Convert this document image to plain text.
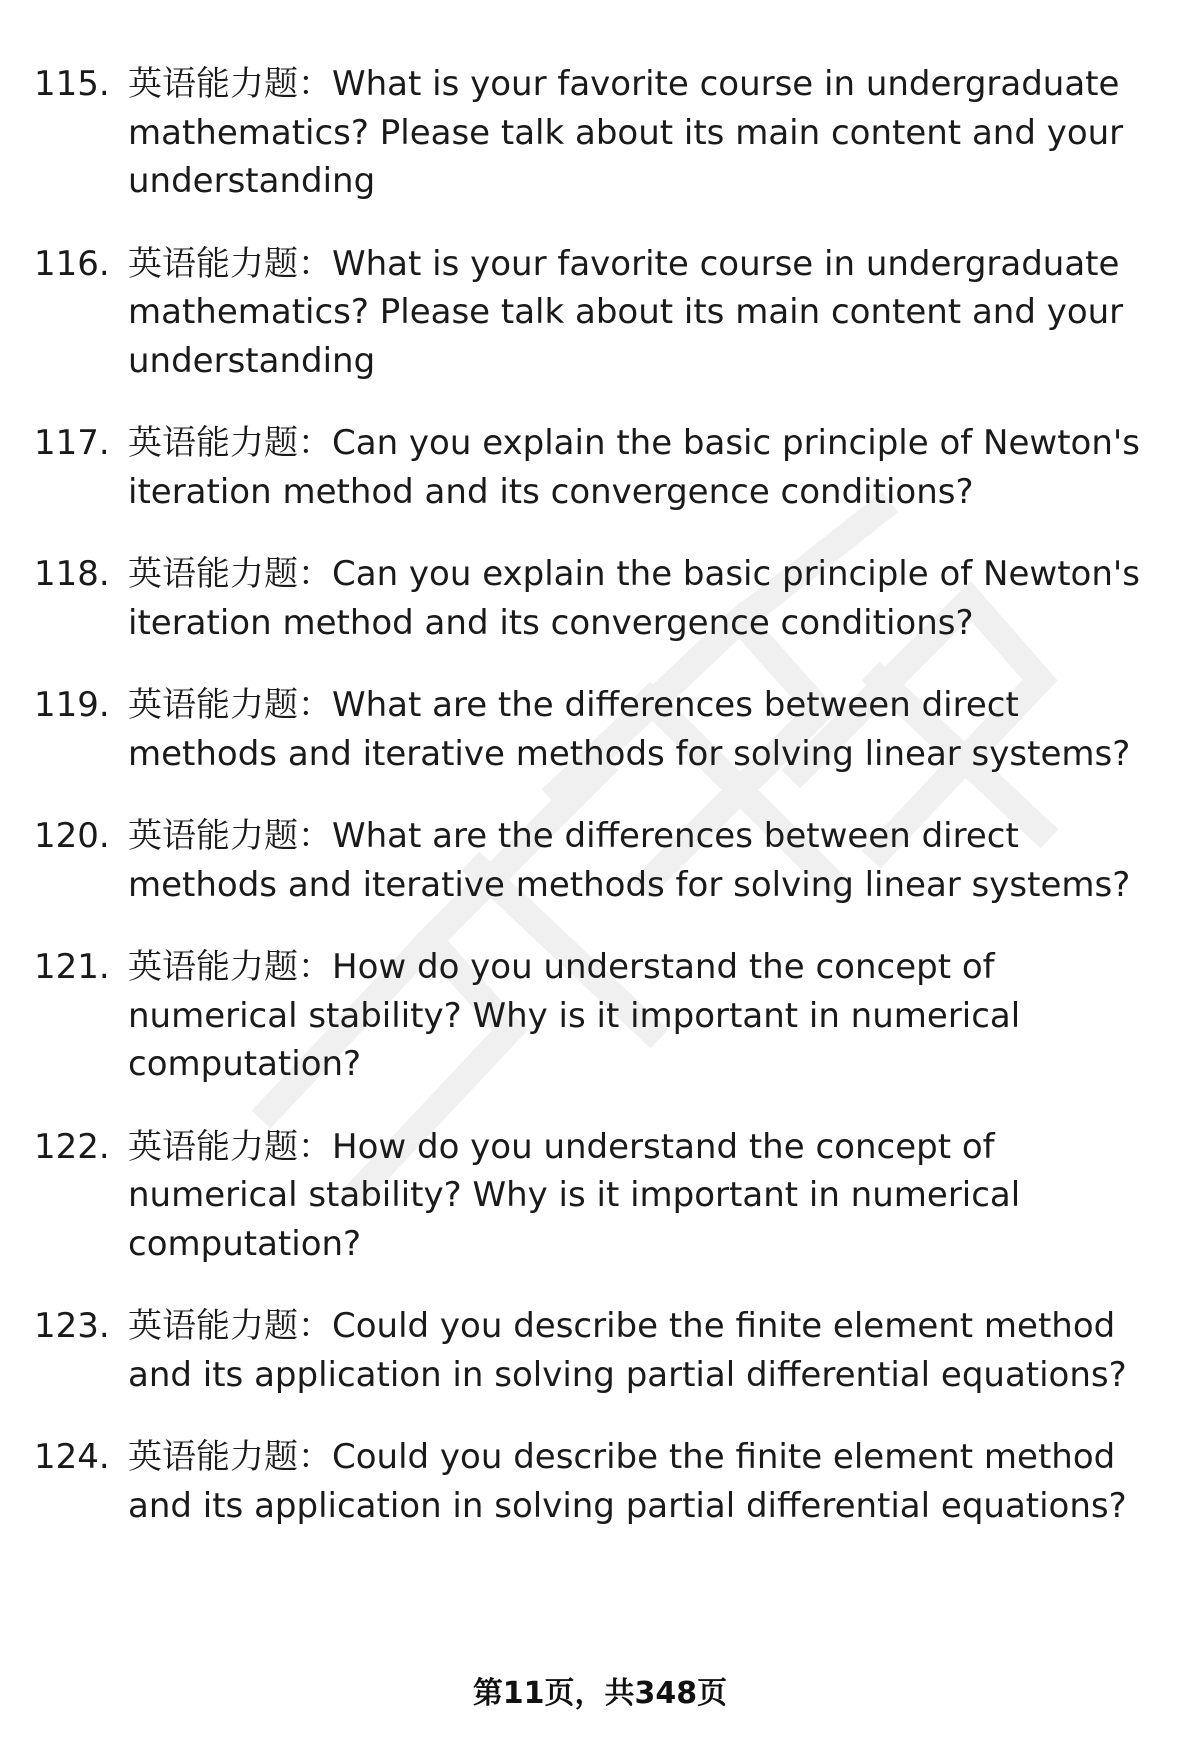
115. 英语能力题：What is your favorite course in undergraduate mathematics? Please talk about its main content and your understanding
116. 英语能力题：What is your favorite course in undergraduate mathematics? Please talk about its main content and your understanding
117. 英语能力题：Can you explain the basic principle of Newton's iteration method and its convergence conditions?
118. 英语能力题：Can you explain the basic principle of Newton's iteration method and its convergence conditions?
119. 英语能力题：What are the differences between direct methods and iterative methods for solving linear systems?
120. 英语能力题：What are the differences between direct methods and iterative methods for solving linear systems?
121. 英语能力题：How do you understand the concept of numerical stability? Why is it important in numerical computation?
122. 英语能力题：How do you understand the concept of numerical stability? Why is it important in numerical computation?
123. 英语能力题：Could you describe the finite element method and its application in solving partial differential equations?
124. 英语能力题：Could you describe the finite element method and its application in solving partial differential equations?
第11页，共348页
